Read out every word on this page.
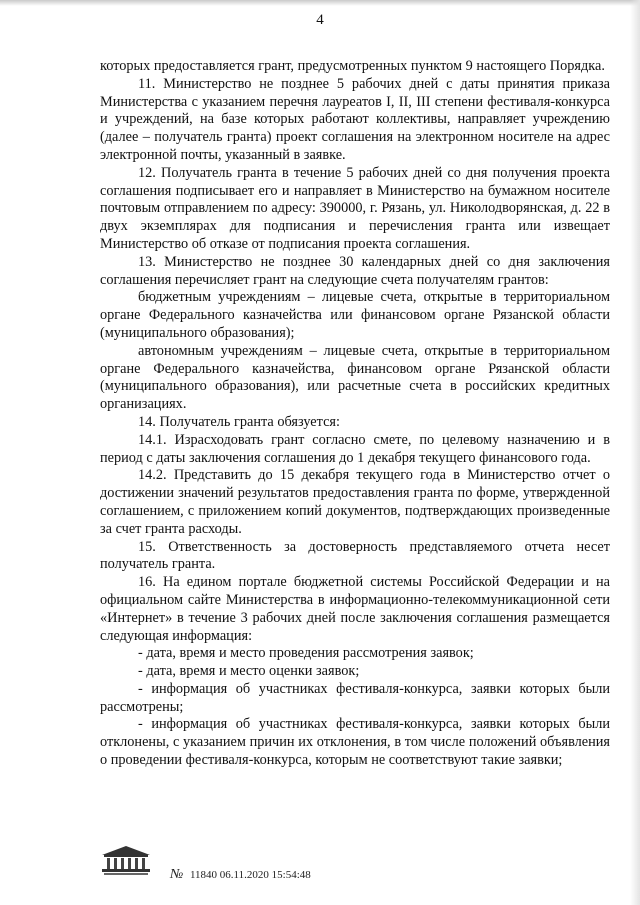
4

которых предоставляется грант, предусмотренных пунктом 9 настоящего Порядка.

11. Министерство не позднее 5 рабочих дней с даты принятия приказа Министерства с указанием перечня лауреатов I, II, III степени фестиваля-конкурса и учреждений, на базе которых работают коллективы, направляет учреждению (далее – получатель гранта) проект соглашения на электронном носителе на адрес электронной почты, указанный в заявке.

12. Получатель гранта в течение 5 рабочих дней со дня получения проекта соглашения подписывает его и направляет в Министерство на бумажном носителе почтовым отправлением по адресу: 390000, г. Рязань, ул. Николодворянская, д. 22 в двух экземплярах для подписания и перечисления гранта или извещает Министерство об отказе от подписания проекта соглашения.

13. Министерство не позднее 30 календарных дней со дня заключения соглашения перечисляет грант на следующие счета получателям грантов:

бюджетным учреждениям – лицевые счета, открытые в территориальном органе Федерального казначейства или финансовом органе Рязанской области (муниципального образования);

автономным учреждениям – лицевые счета, открытые в территориальном органе Федерального казначейства, финансовом органе Рязанской области (муниципального образования), или расчетные счета в российских кредитных организациях.

14. Получатель гранта обязуется:

14.1. Израсходовать грант согласно смете, по целевому назначению и в период с даты заключения соглашения до 1 декабря текущего финансового года.

14.2. Представить до 15 декабря текущего года в Министерство отчет о достижении значений результатов предоставления гранта по форме, утвержденной соглашением, с приложением копий документов, подтверждающих произведенные за счет гранта расходы.

15. Ответственность за достоверность представляемого отчета несет получатель гранта.

16. На едином портале бюджетной системы Российской Федерации и на официальном сайте Министерства в информационно-телекоммуникационной сети «Интернет» в течение 3 рабочих дней после заключения соглашения размещается следующая информация:

- дата, время и место проведения рассмотрения заявок;

- дата, время и место оценки заявок;

- информация об участниках фестиваля-конкурса, заявки которых были рассмотрены;

- информация об участниках фестиваля-конкурса, заявки которых были отклонены, с указанием причин их отклонения, в том числе положений объявления о проведении фестиваля-конкурса, которым не соответствуют такие заявки;

№ 11840 06.11.2020 15:54:48
